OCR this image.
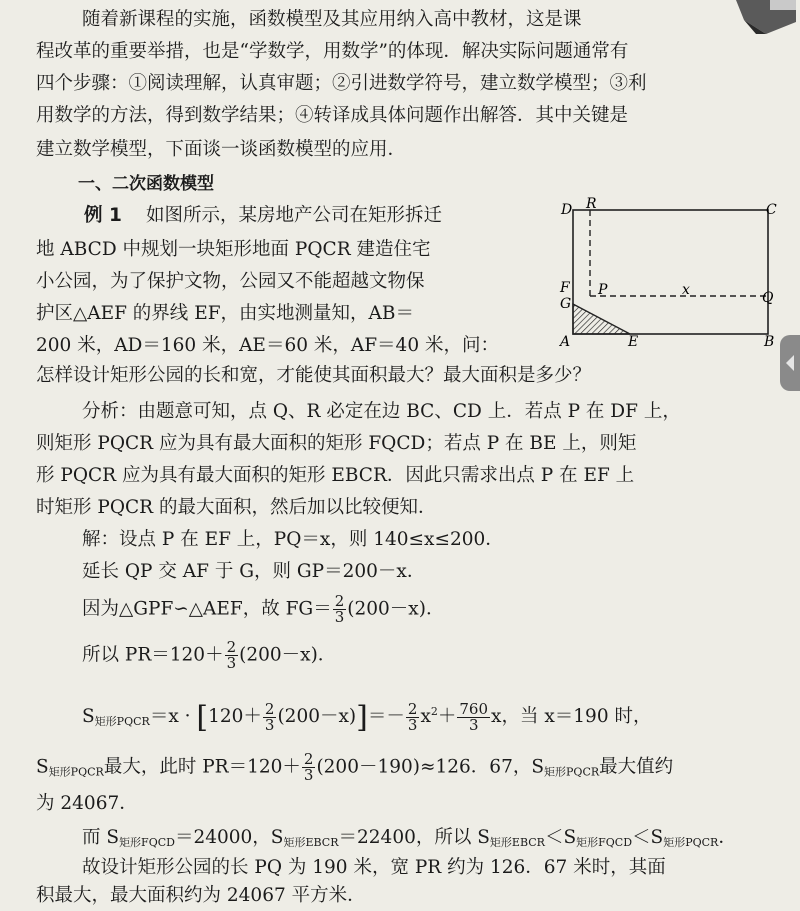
随着新课程的实施，函数模型及其应用纳入高中教材，这是课
程改革的重要举措，也是“学数学，用数学”的体现．解决实际问题通常有
四个步骤：①阅读理解，认真审题；②引进数学符号，建立数学模型；③利
用数学的方法，得到数学结果；④转译成具体问题作出解答．其中关键是
建立数学模型，下面谈一谈函数模型的应用．
一、二次函数模型
例 1 如图所示，某房地产公司在矩形拆迁
地 ABCD 中规划一块矩形地面 PQCR 建造住宅
小公园，为了保护文物，公园又不能超越文物保
护区△AEF 的界线 EF，由实地测量知，AB＝
200 米，AD＝160 米，AE＝60 米，AF＝40 米，问：
怎样设计矩形公园的长和宽，才能使其面积最大？最大面积是多少？
D R	C
F
G
P	x	Q
A	E	B
分析：由题意可知，点 Q、R 必定在边 BC、CD 上．若点 P 在 DF 上，
则矩形 PQCR 应为具有最大面积的矩形 FQCD；若点 P 在 BE 上，则矩
形 PQCR 应为具有最大面积的矩形 EBCR．因此只需求出点 P 在 EF 上
时矩形 PQCR 的最大面积，然后加以比较便知．
解：设点 P 在 EF 上，PQ＝x，则 140≤x≤200．
延长 QP 交 AF 于 G，则 GP＝200－x．
因为△GPF∽△AEF，故 $FG= \frac{2}{3} (200-x)$．
所以 $PR=120+ \frac{2}{3} (200-x)$．
$S_{矩形PQCR}=x \cdot [120+ \frac{2}{3} (200-x)]=- \frac{2}{3} x^2+ \frac{760}{3}$ x，当 x＝190 时，
$S_{矩形PQCR}$最大，此时 $PR=120+ \frac{2}{3} (200-190)\approx 126$．67，$S_{矩形PQCR}$最大值约
为 24067．
而 $S_{矩形FQCD}=24000$，$S_{矩形EBCR}=22400$，所以 $S_{矩形EBCR}<S_{矩形FQCD}<S_{矩形PQCR}$．
故设计矩形公园的长 PQ 为 190 米，宽 PR 约为 126．67 米时，其面
积最大，最大面积约为 24067 平方米．
